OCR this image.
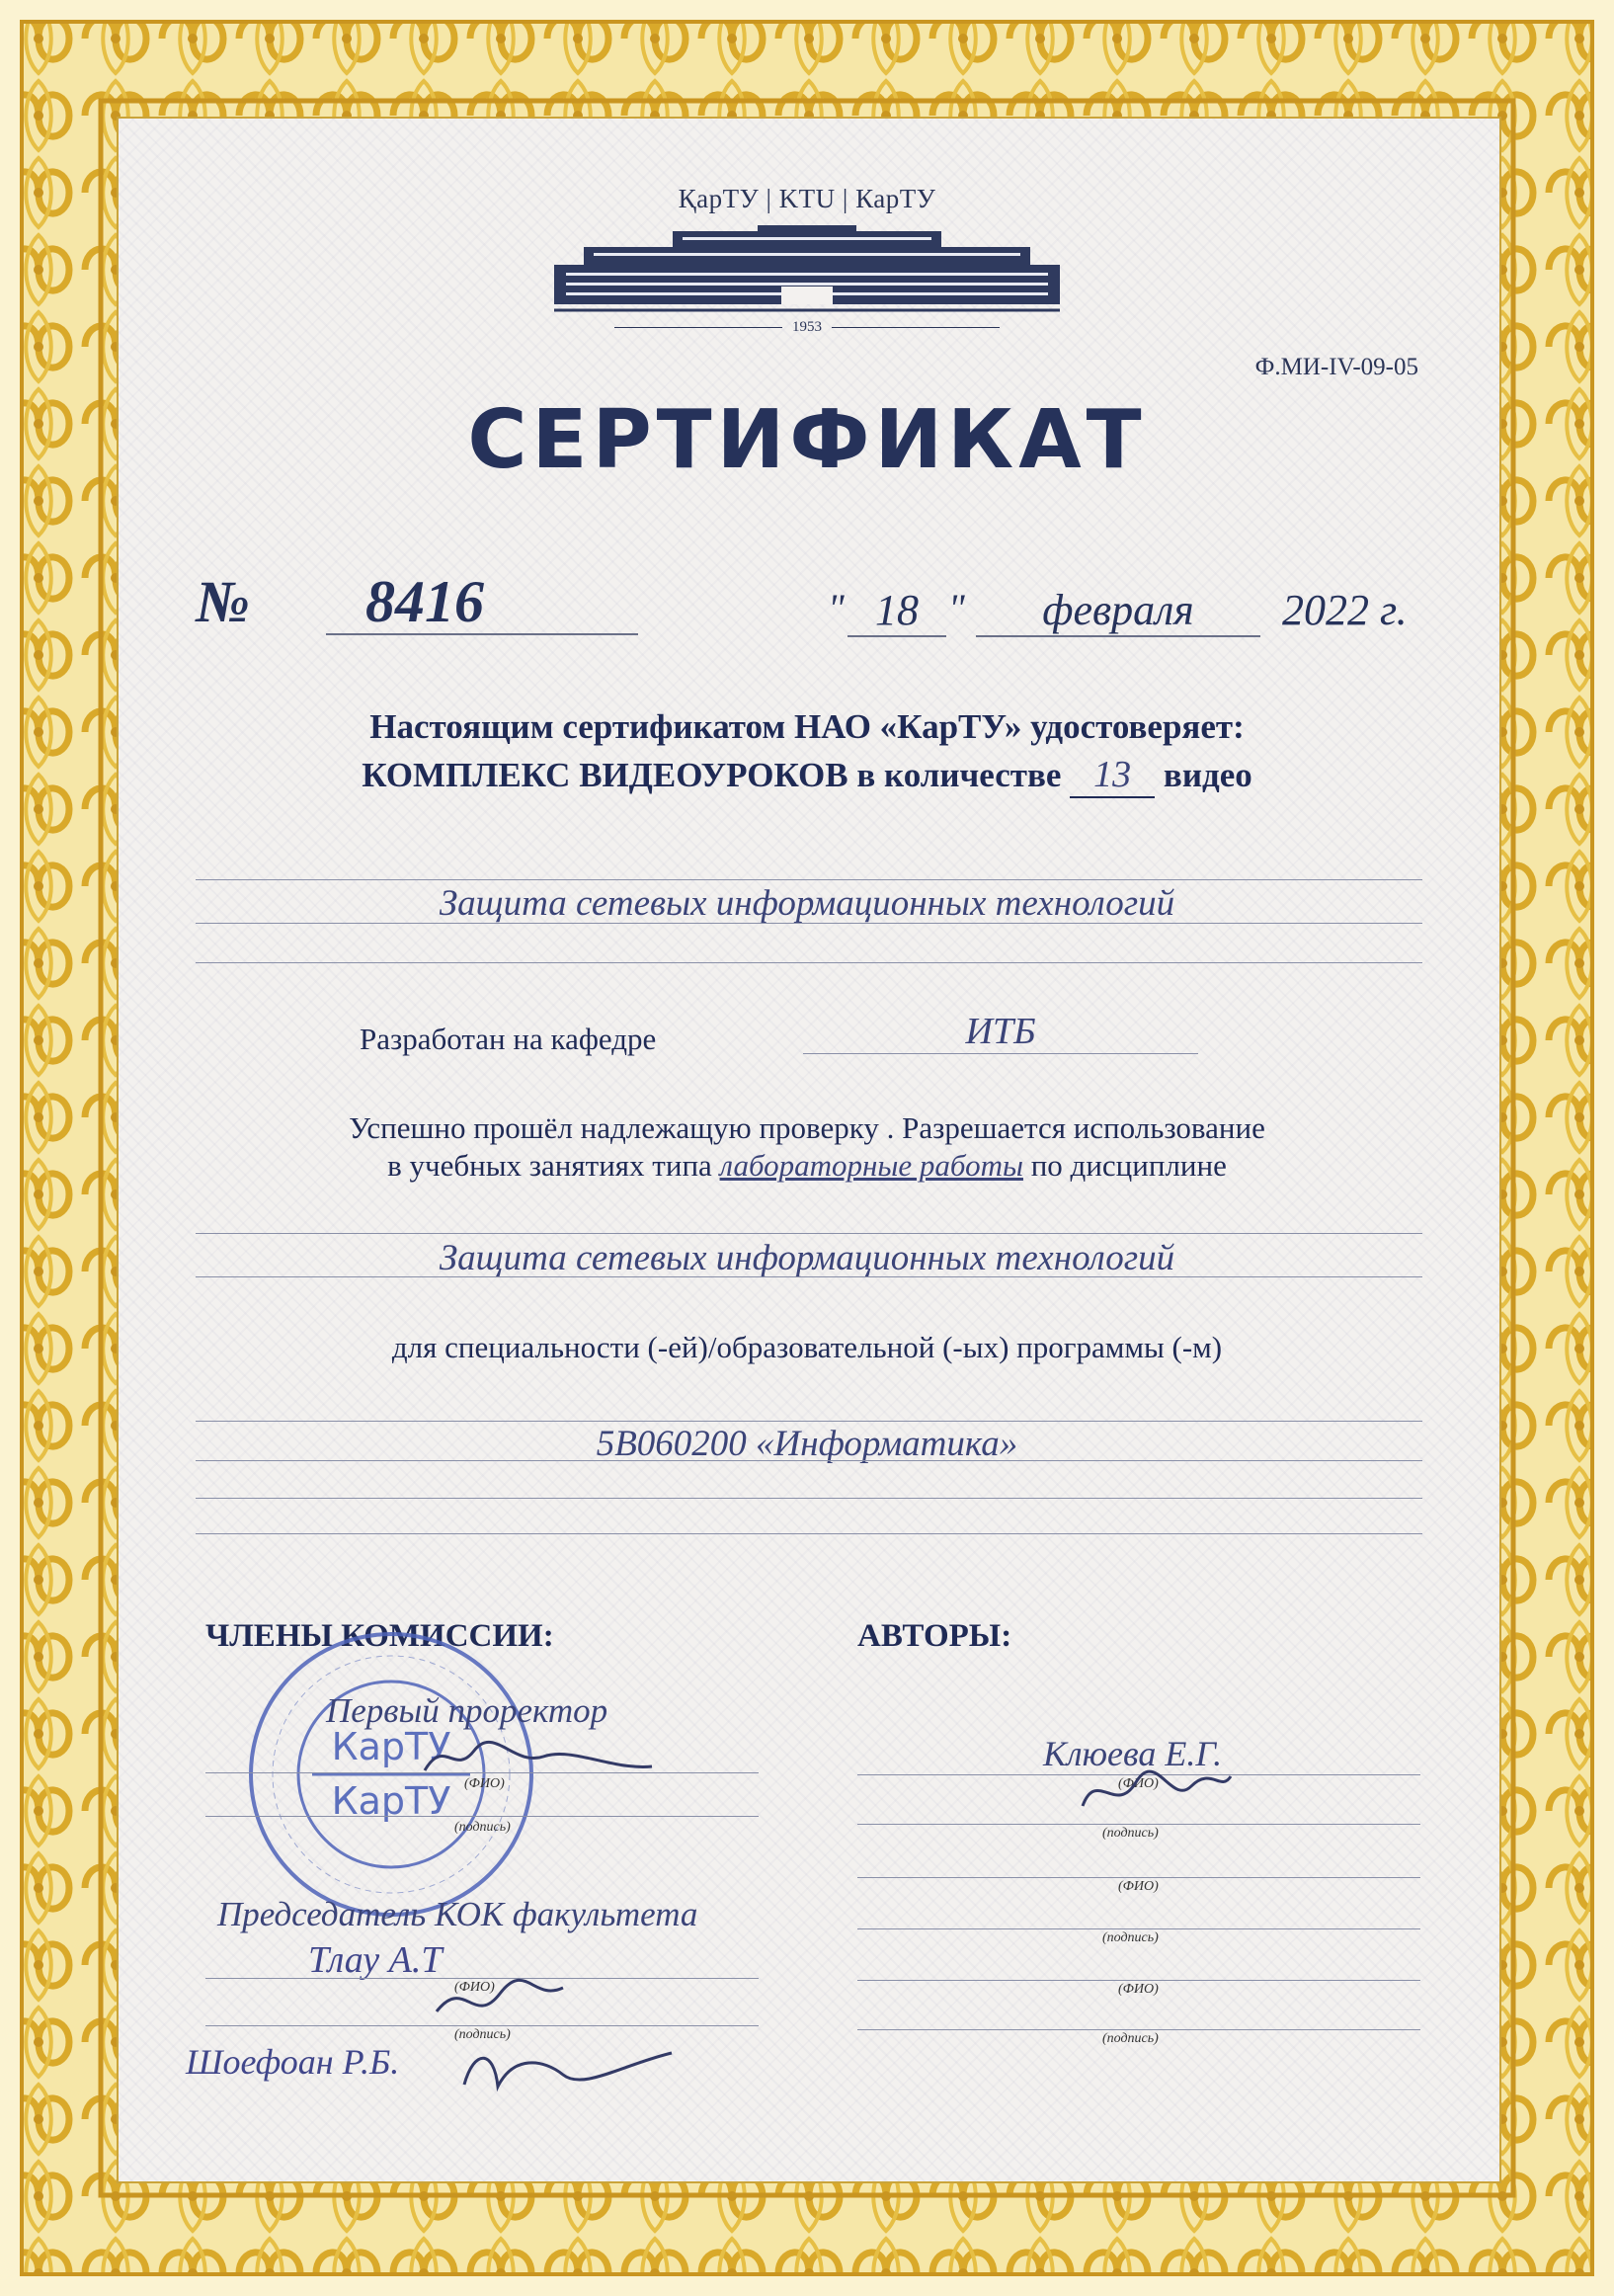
ҚарТУ | KTU | КарТУ
1953
Ф.МИ-IV-09-05
СЕРТИФИКАТ
№	8416	" 18 "	февраля	2022 г.
Настоящим сертификатом НАО «КарТУ» удостоверяет:
КОМПЛЕКС ВИДЕОУРОКОВ в количестве 13 видео
Защита сетевых информационных технологий
Разработан на кафедре	ИТБ
Успешно прошёл надлежащую проверку . Разрешается использование
в учебных занятиях типа лабораторные работы по дисциплине
Защита сетевых информационных технологий
для специальности (-ей)/образовательной (-ых) программы (-м)
5В060200 «Информатика»
ЧЛЕНЫ КОМИССИИ:	АВТОРЫ:
КарТУ
КарТУ
Первый проректор
(ФИО)
(подпись)
Председатель КОК факультета
Тлау А.Т
(ФИО)
(подпись)
Шоефоан Р.Б.
Клюева Е.Г.
(ФИО)
(подпись)
(ФИО)
(подпись)
(ФИО)
(подпись)
